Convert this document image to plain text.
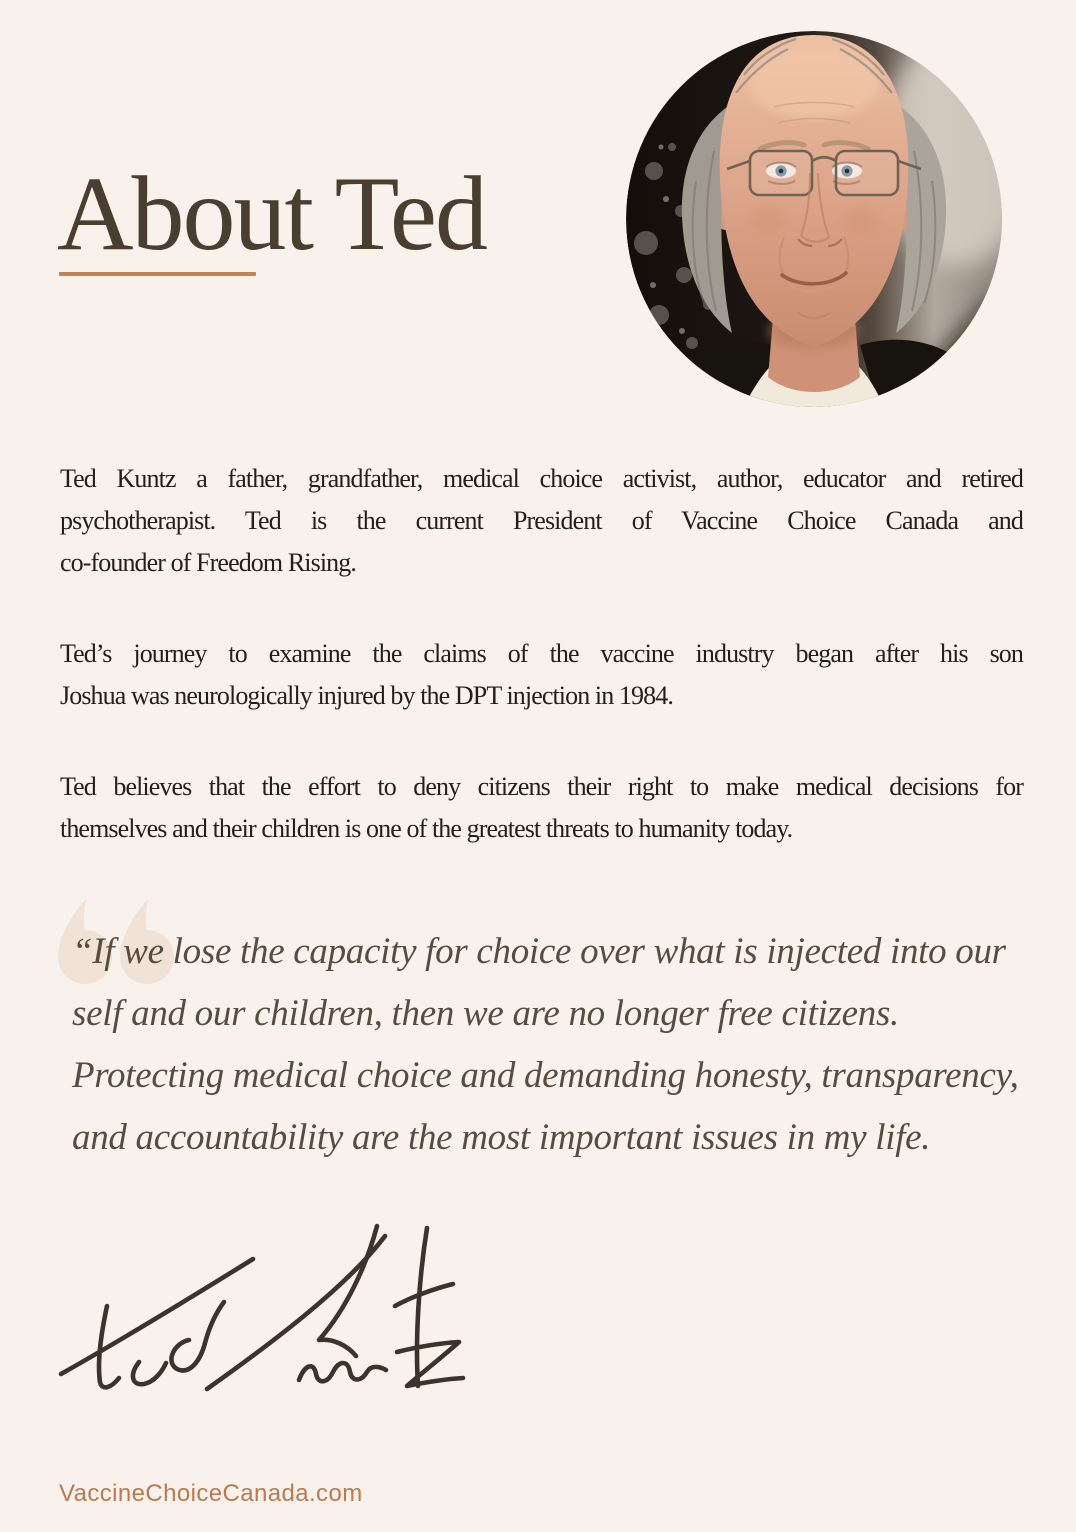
About Ted
Ted Kuntz a father, grandfather, medical choice activist, author, educator and retired
psychotherapist. Ted is the current President of Vaccine Choice Canada and
co-founder of Freedom Rising.
Ted’s journey to examine the claims of the vaccine industry began after his son
Joshua was neurologically injured by the DPT injection in 1984.
Ted believes that the effort to deny citizens their right to make medical decisions for
themselves and their children is one of the greatest threats to humanity today.
“If we lose the capacity for choice over what is injected into our
self and our children, then we are no longer free citizens.
Protecting medical choice and demanding honesty, transparency,
and accountability are the most important issues in my life.
VaccineChoiceCanada.com
